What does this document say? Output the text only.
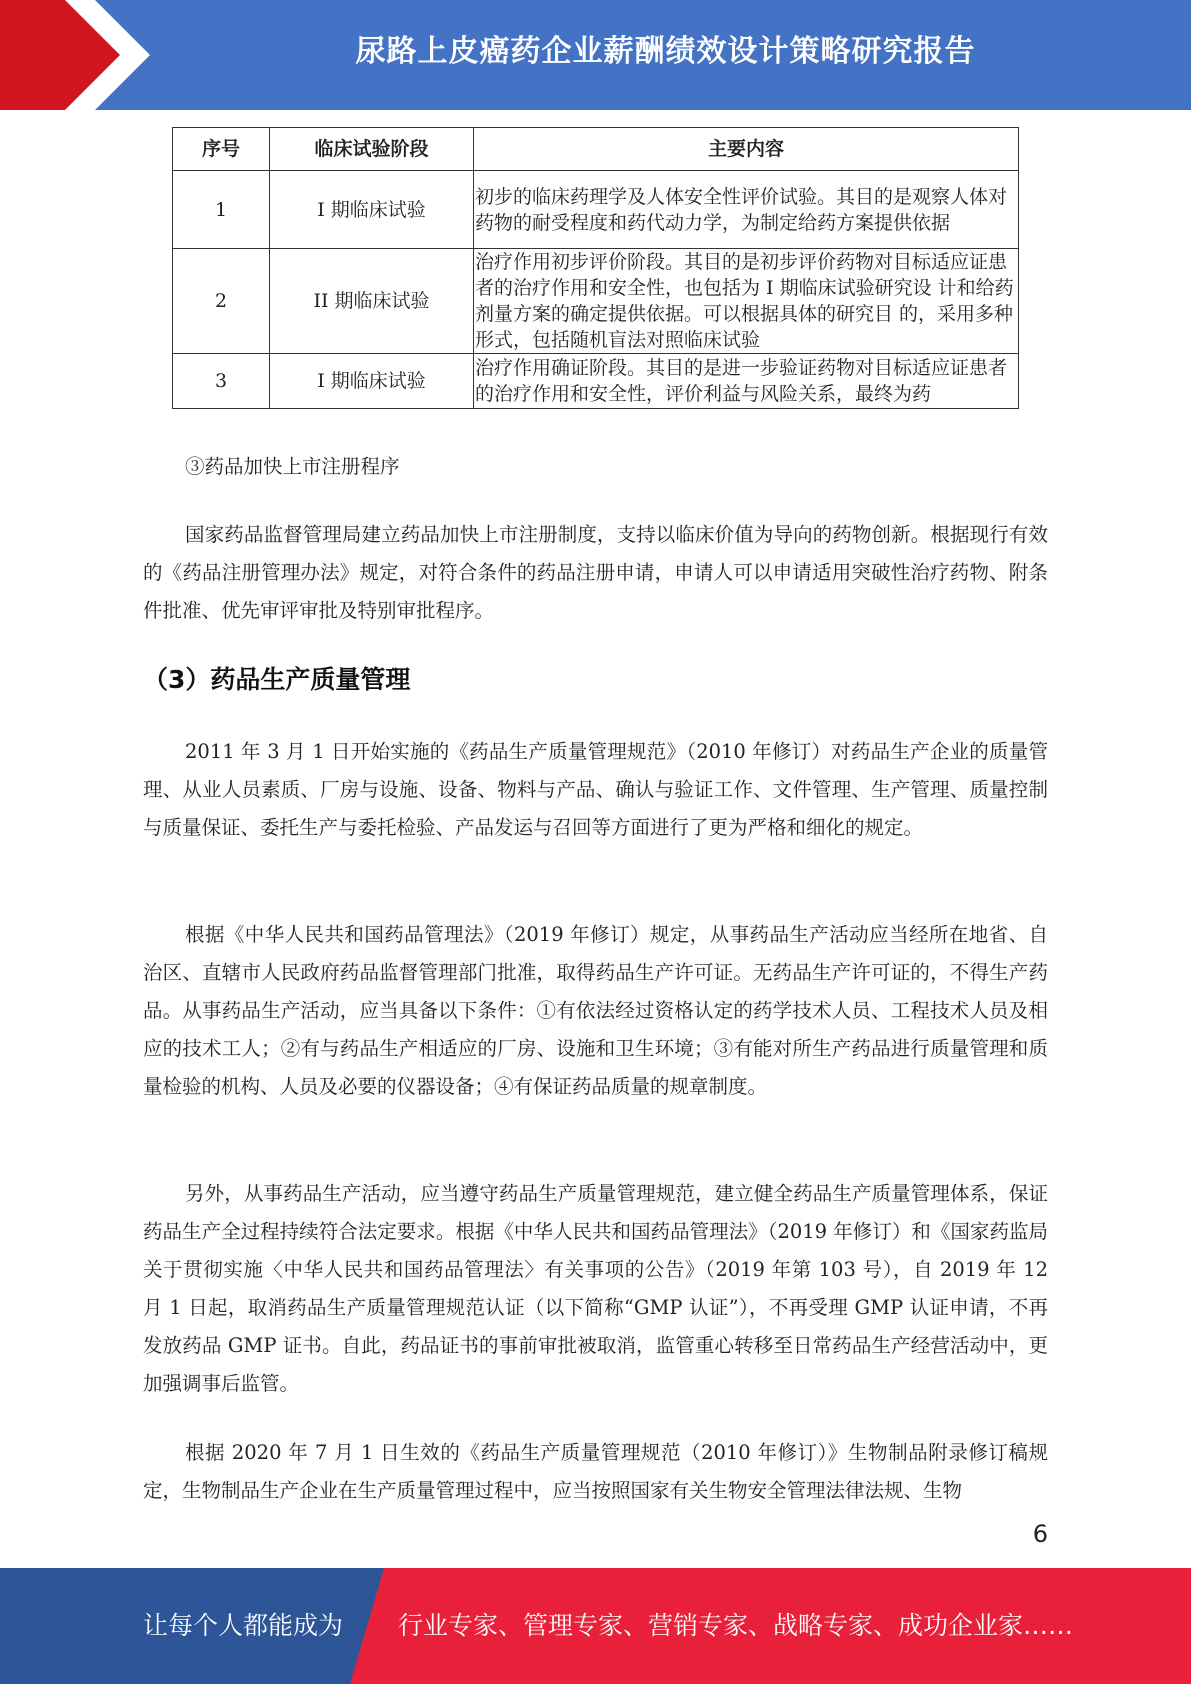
尿路上皮癌药企业薪酬绩效设计策略研究报告
序号	临床试验阶段	主要内容
1	I 期临床试验	初步的临床药理学及人体安全性评价试验。其目的是观察人体对药物的耐受程度和药代动力学，为制定给药方案提供依据
2	II 期临床试验	治疗作用初步评价阶段。其目的是初步评价药物对目标适应证患者的治疗作用和安全性，也包括为 I 期临床试验研究设 计和给药剂量方案的确定提供依据。可以根据具体的研究目 的，采用多种形式，包括随机盲法对照临床试验
3	I 期临床试验	治疗作用确证阶段。其目的是进一步验证药物对目标适应证患者的治疗作用和安全性，评价利益与风险关系，最终为药

③药品加快上市注册程序

国家药品监督管理局建立药品加快上市注册制度，支持以临床价值为导向的药物创新。根据现行有效的《药品注册管理办法》规定，对符合条件的药品注册申请，申请人可以申请适用突破性治疗药物、附条件批准、优先审评审批及特别审批程序。

（3）药品生产质量管理

2011 年 3 月 1 日开始实施的《药品生产质量管理规范》（2010 年修订）对药品生产企业的质量管理、从业人员素质、厂房与设施、设备、物料与产品、确认与验证工作、文件管理、生产管理、质量控制与质量保证、委托生产与委托检验、产品发运与召回等方面进行了更为严格和细化的规定。

根据《中华人民共和国药品管理法》（2019 年修订）规定，从事药品生产活动应当经所在地省、自治区、直辖市人民政府药品监督管理部门批准，取得药品生产许可证。无药品生产许可证的，不得生产药品。从事药品生产活动，应当具备以下条件：①有依法经过资格认定的药学技术人员、工程技术人员及相应的技术工人；②有与药品生产相适应的厂房、设施和卫生环境；③有能对所生产药品进行质量管理和质量检验的机构、人员及必要的仪器设备；④有保证药品质量的规章制度。

另外，从事药品生产活动，应当遵守药品生产质量管理规范，建立健全药品生产质量管理体系，保证药品生产全过程持续符合法定要求。根据《中华人民共和国药品管理法》（2019 年修订）和《国家药监局关于贯彻实施〈中华人民共和国药品管理法〉有关事项的公告》（2019 年第 103 号），自 2019 年 12 月 1 日起，取消药品生产质量管理规范认证（以下简称“GMP 认证”），不再受理 GMP 认证申请，不再发放药品 GMP 证书。自此，药品证书的事前审批被取消，监管重心转移至日常药品生产经营活动中，更加强调事后监管。

根据 2020 年 7 月 1 日生效的《药品生产质量管理规范（2010 年修订）》生物制品附录修订稿规定，生物制品生产企业在生产质量管理过程中，应当按照国家有关生物安全管理法律法规、生物

6
让每个人都能成为 行业专家、管理专家、营销专家、战略专家、成功企业家……
